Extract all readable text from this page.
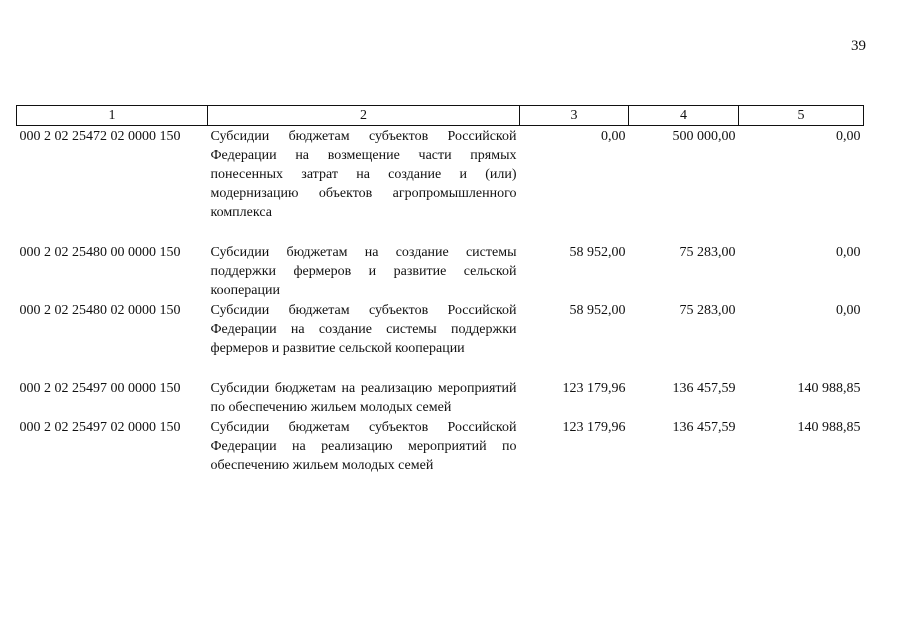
39
1	2	3	4	5
000 2 02 25472 02 0000 150	Субсидии бюджетам субъектов Российской Федерации на возмещение части прямых понесенных затрат на создание и (или) модернизацию объектов агропромышленного комплекса	0,00	500 000,00	0,00

000 2 02 25480 00 0000 150	Субсидии бюджетам на создание системы поддержки фермеров и развитие сельской кооперации	58 952,00	75 283,00	0,00
000 2 02 25480 02 0000 150	Субсидии бюджетам субъектов Российской Федерации на создание системы поддержки фермеров и развитие сельской кооперации	58 952,00	75 283,00	0,00

000 2 02 25497 00 0000 150	Субсидии бюджетам на реализацию мероприятий по обеспечению жильем молодых семей	123 179,96	136 457,59	140 988,85
000 2 02 25497 02 0000 150	Субсидии бюджетам субъектов Российской Федерации на реализацию мероприятий по обеспечению жильем молодых семей	123 179,96	136 457,59	140 988,85
